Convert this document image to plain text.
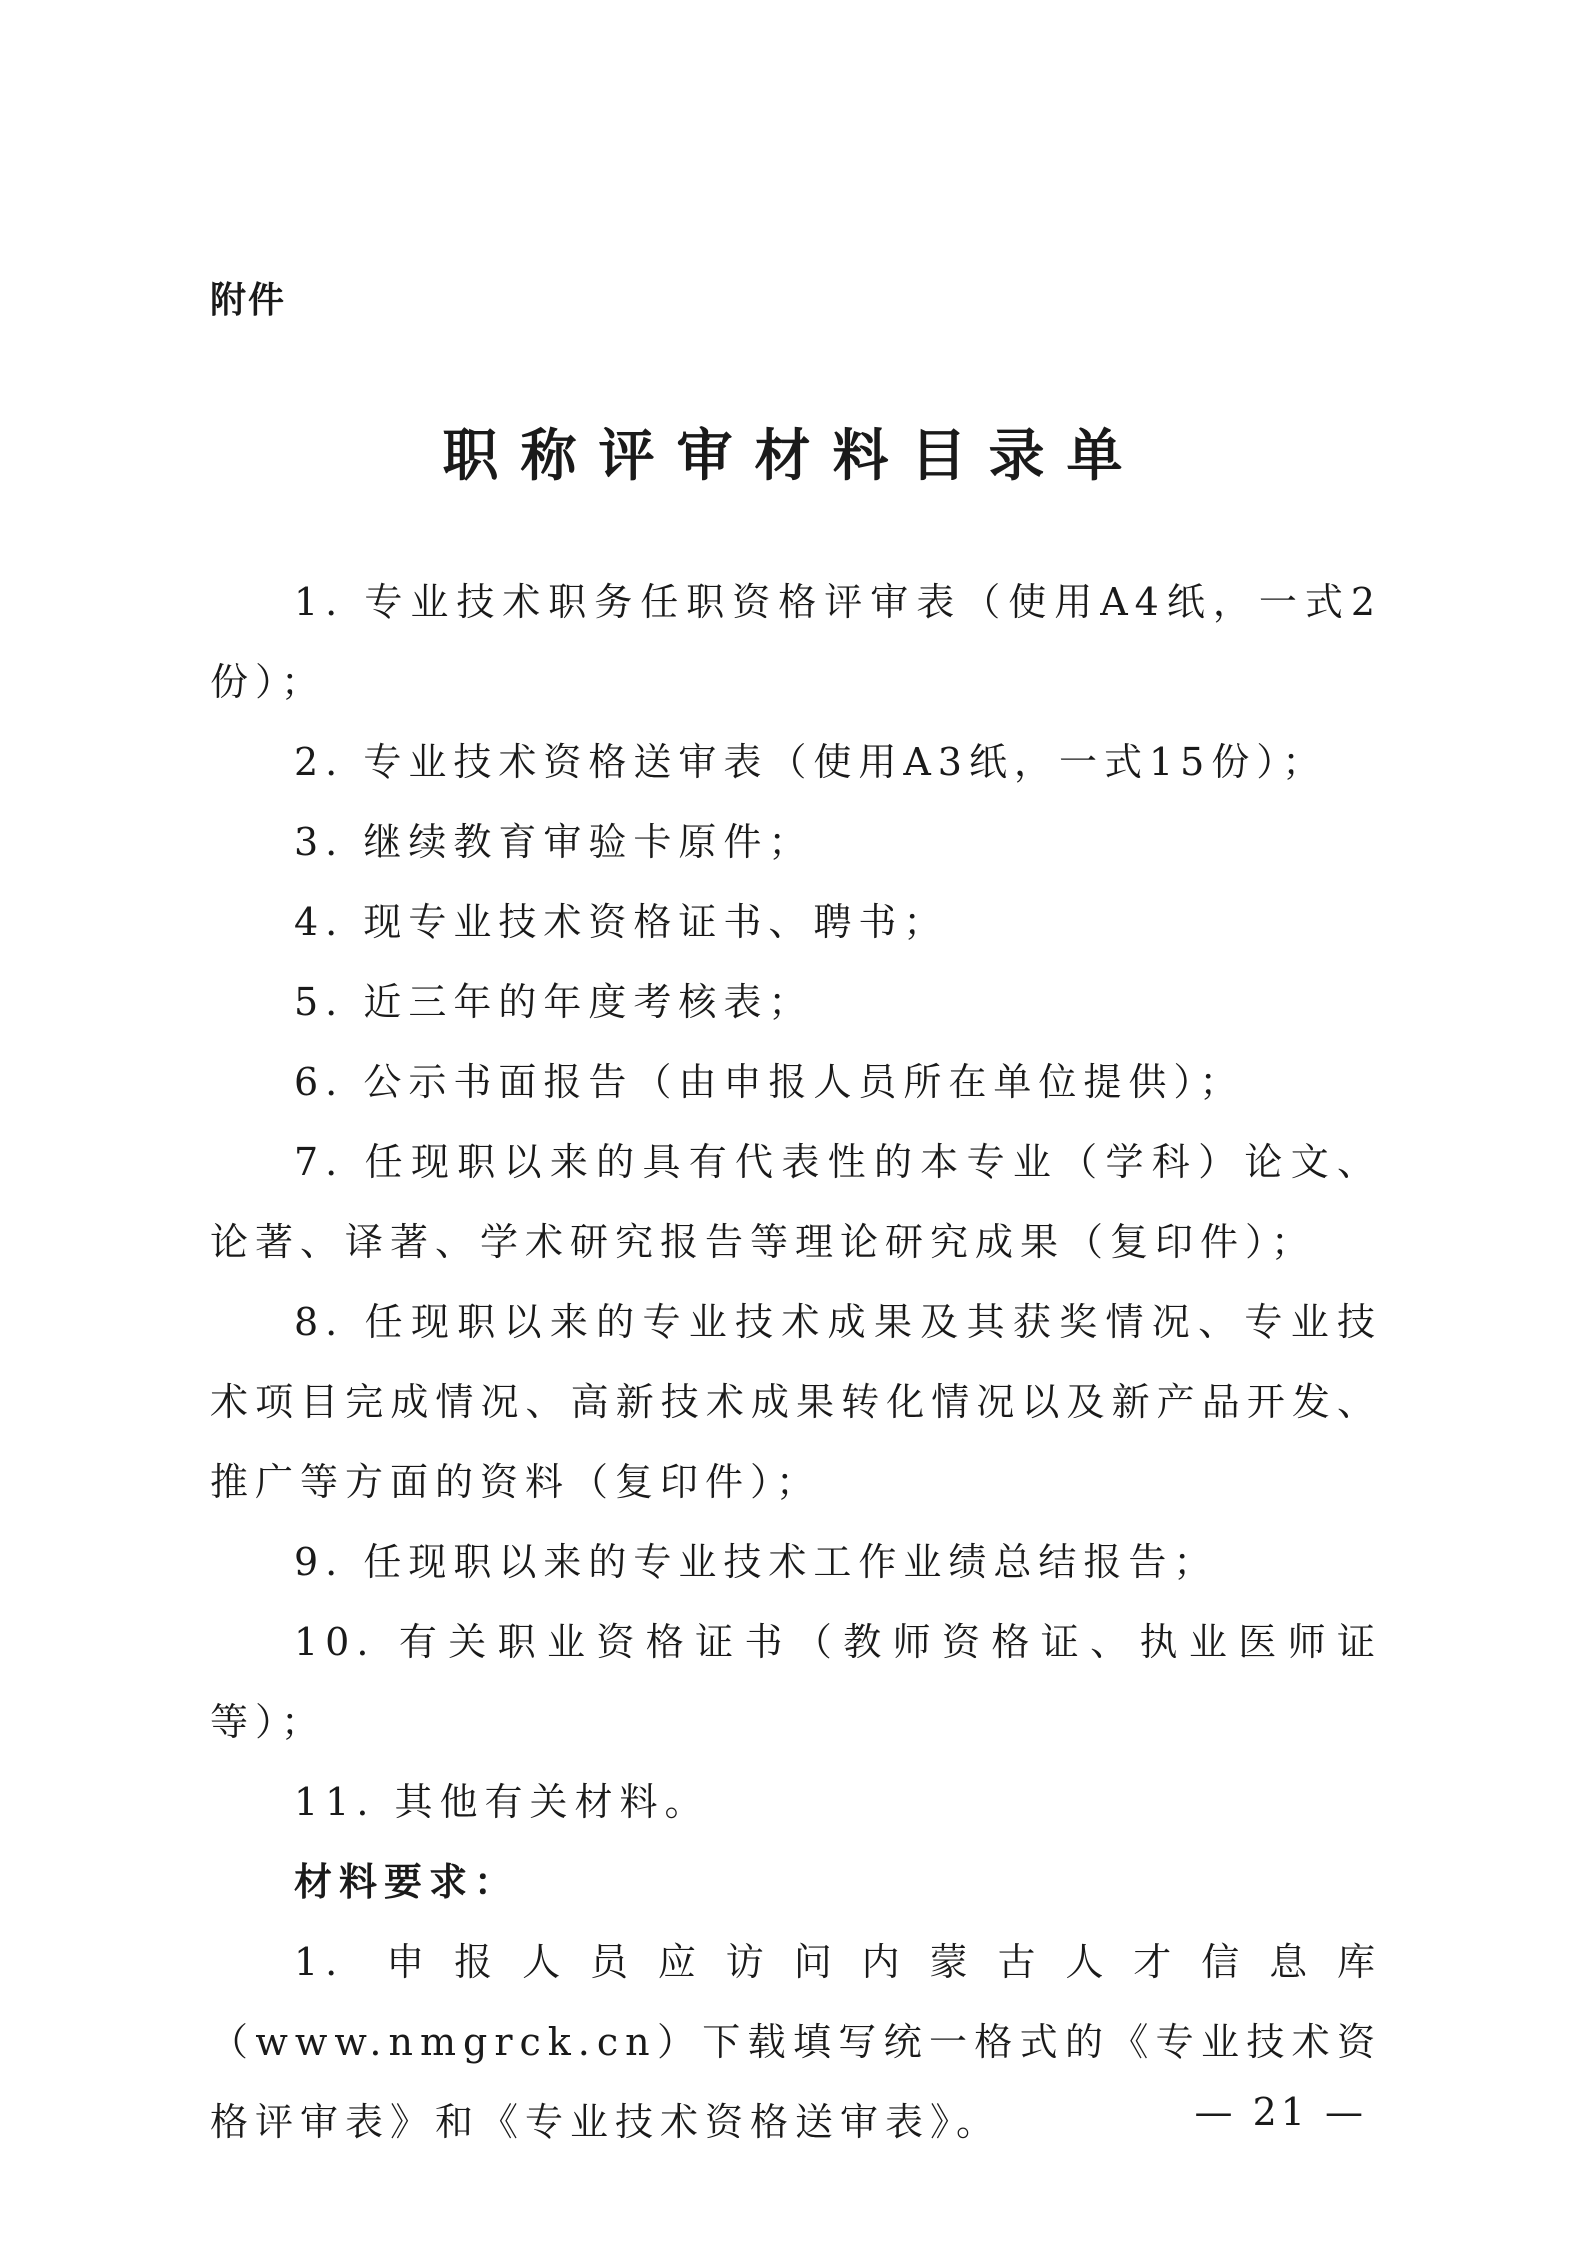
附件
职称评审材料目录单

1. 专业技术职务任职资格评审表（使用A4纸，一式2份）；

2. 专业技术资格送审表（使用A3纸，一式15份）；

3. 继续教育审验卡原件；

4. 现专业技术资格证书、聘书；

5. 近三年的年度考核表；

6. 公示书面报告（由申报人员所在单位提供）；

7. 任现职以来的具有代表性的本专业（学科）论文、论著、译著、学术研究报告等理论研究成果（复印件）；

8. 任现职以来的专业技术成果及其获奖情况、专业技术项目完成情况、高新技术成果转化情况以及新产品开发、推广等方面的资料（复印件）；

9. 任现职以来的专业技术工作业绩总结报告；

10. 有关职业资格证书（教师资格证、执业医师证等）；

11. 其他有关材料。

材料要求：

1. 申报人员应访问内蒙古人才信息库（www.nmgrck.cn）下载填写统一格式的《专业技术资格评审表》和《专业技术资格送审表》。	— 21 —
